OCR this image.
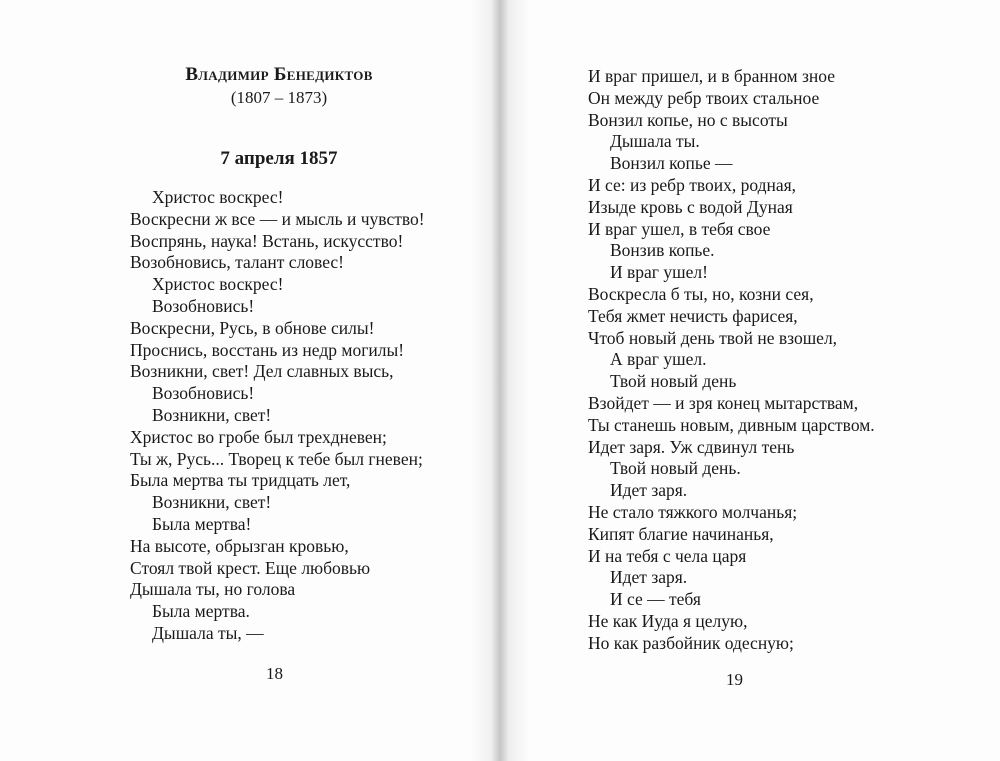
Владимир Бенедиктов
(1807 – 1873)
7 апреля 1857
Христос воскрес!
Воскресни ж все — и мысль и чувство!
Воспрянь, наука! Встань, искусство!
Возобновись, талант словес!
Христос воскрес!
Возобновись!
Воскресни, Русь, в обнове силы!
Проснись, восстань из недр могилы!
Возникни, свет! Дел славных высь,
Возобновись!
Возникни, свет!
Христос во гробе был трехдневен;
Ты ж, Русь... Творец к тебе был гневен;
Была мертва ты тридцать лет,
Возникни, свет!
Была мертва!
На высоте, обрызган кровью,
Стоял твой крест. Еще любовью
Дышала ты, но голова
Была мертва.
Дышала ты, —
И враг пришел, и в бранном зное
Он между ребр твоих стальное
Вонзил копье, но с высоты
Дышала ты.
Вонзил копье —
И се: из ребр твоих, родная,
Изыде кровь с водой Дуная
И враг ушел, в тебя свое
Вонзив копье.
И враг ушел!
Воскресла б ты, но, козни сея,
Тебя жмет нечисть фарисея,
Чтоб новый день твой не взошел,
А враг ушел.
Твой новый день
Взойдет — и зря конец мытарствам,
Ты станешь новым, дивным царством.
Идет заря. Уж сдвинул тень
Твой новый день.
Идет заря.
Не стало тяжкого молчанья;
Кипят благие начинанья,
И на тебя с чела царя
Идет заря.
И се — тебя
Не как Иуда я целую,
Но как разбойник одесную;
18	19
